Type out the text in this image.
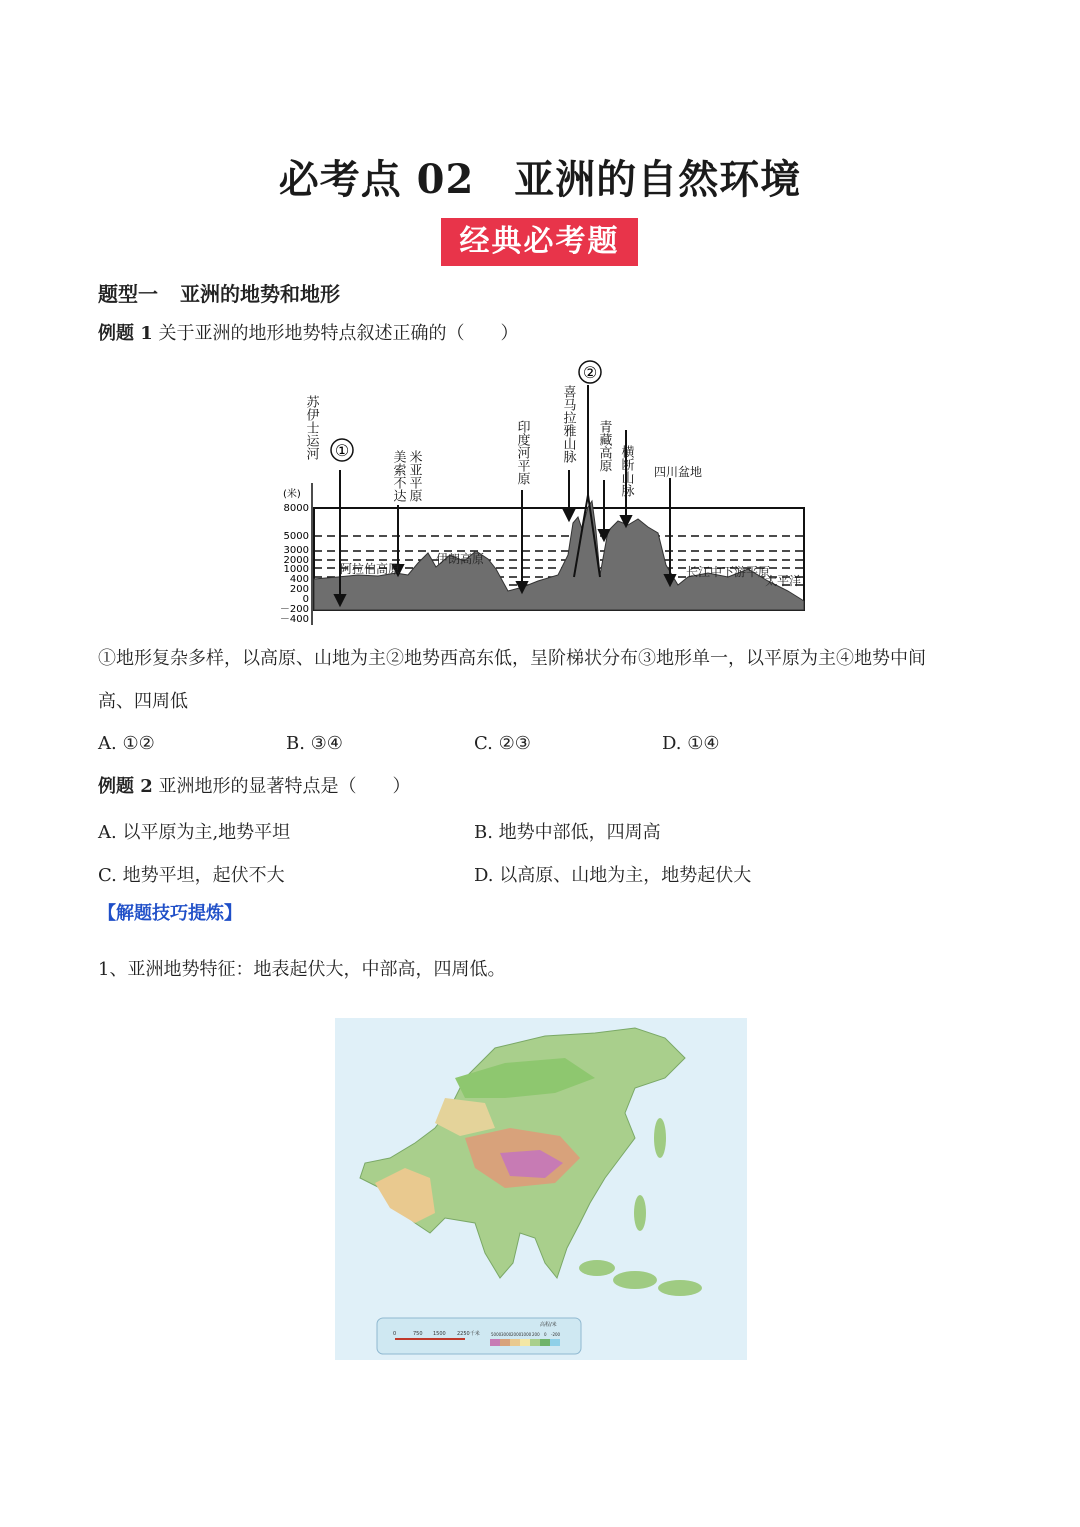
必考点 02 亚洲的自然环境
经典必考题
题型一 亚洲的地势和地形
例题 1 关于亚洲的地形地势特点叙述正确的（　　）
(米)
8000
5000
3000
2000
1000
400
200
0
－200
－400
①
②
苏伊士运河
美索不达 米亚平原	印度河平原 喜马拉雅山脉 青藏高原 横断山脉 四川盆地
阿拉伯高原
伊朗高原
长江中下游平原
太平洋
①地形复杂多样，以高原、山地为主②地势西高东低，呈阶梯状分布③地形单一，以平原为主④地势中间
高、四周低
A. ①②	B. ③④	C. ②③	D. ①④
例题 2 亚洲地形的显著特点是（　　）
A. 以平原为主,地势平坦	B. 地势中部低，四周高
C. 地势平坦，起伏不大	D. 以高原、山地为主，地势起伏大
【解题技巧提炼】
1、亚洲地势特征：地表起伏大，中部高，四周低。
0	750 1500 2250千米
高程/米
5000 3000 2000 1000 200 0 -200
